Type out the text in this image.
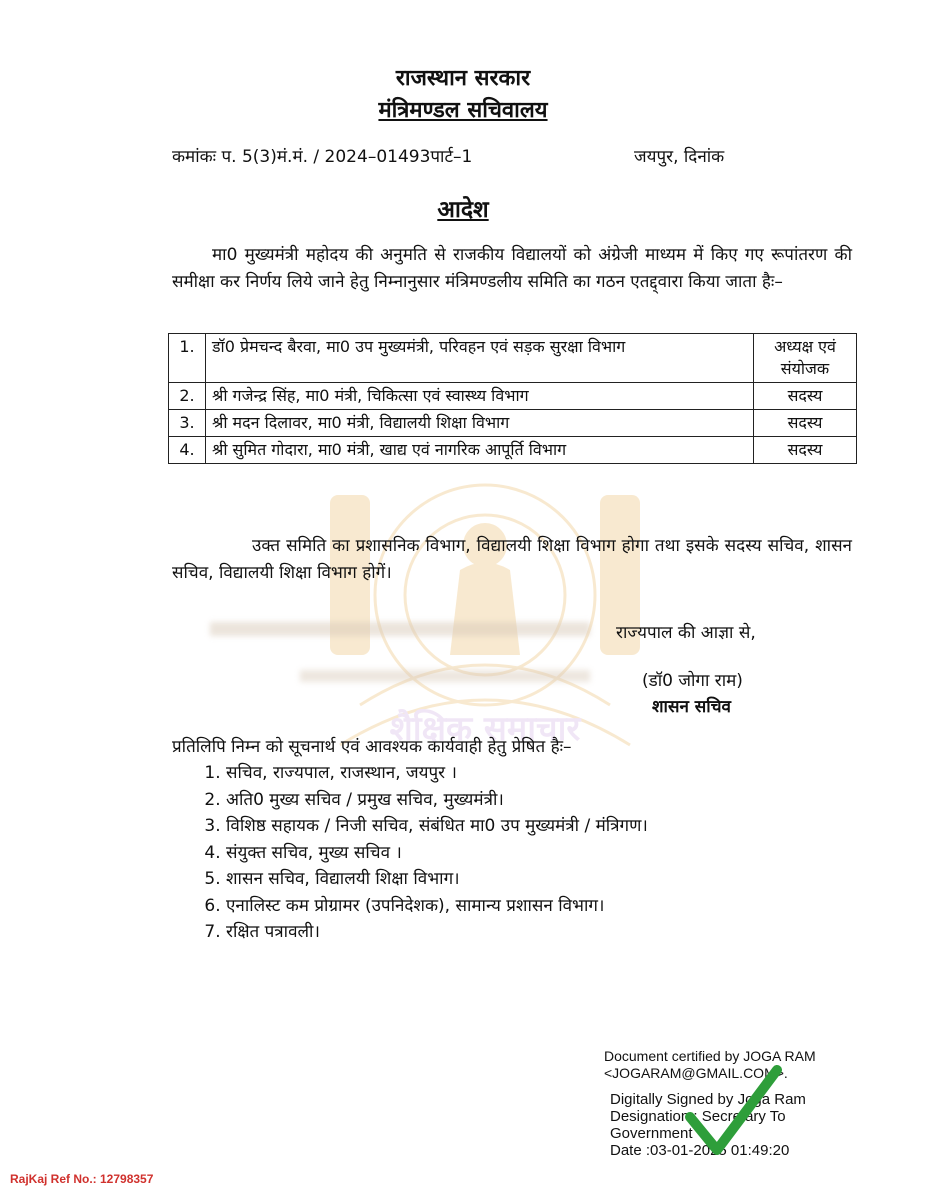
राजस्थान सरकार
मंत्रिमण्डल सचिवालय
कमांकः प. 5(3)मं.मं. / 2024–01493पार्ट–1	जयपुर, दिनांक
आदेश
मा0 मुख्यमंत्री महोदय की अनुमति से राजकीय विद्यालयों को अंग्रेजी माध्यम में किए गए रूपांतरण की समीक्षा कर निर्णय लिये जाने हेतु निम्नानुसार मंत्रिमण्डलीय समिति का गठन एतद्द्वारा किया जाता हैः–
1.	डॉ0 प्रेमचन्द बैरवा, मा0 उप मुख्यमंत्री, परिवहन एवं सड़क सुरक्षा विभाग	अध्यक्ष एवं संयोजक
2.	श्री गजेन्द्र सिंह, मा0 मंत्री, चिकित्सा एवं स्वास्थ्य विभाग	सदस्य
3.	श्री मदन दिलावर, मा0 मंत्री, विद्यालयी शिक्षा विभाग	सदस्य
4.	श्री सुमित गोदारा, मा0 मंत्री, खाद्य एवं नागरिक आपूर्ति विभाग	सदस्य
शैक्षिक समाचार
उक्त समिति का प्रशासनिक विभाग, विद्यालयी शिक्षा विभाग होगा तथा इसके सदस्य सचिव, शासन सचिव, विद्यालयी शिक्षा विभाग होगें।
राज्यपाल की आज्ञा से,
(डॉ0 जोगा राम)
शासन सचिव
प्रतिलिपि निम्न को सूचनार्थ एवं आवश्यक कार्यवाही हेतु प्रेषित हैः–
1. सचिव, राज्यपाल, राजस्थान, जयपुर ।
2. अति0 मुख्य सचिव / प्रमुख सचिव, मुख्यमंत्री।
3. विशिष्ठ सहायक / निजी सचिव, संबंधित मा0 उप मुख्यमंत्री / मंत्रिगण।
4. संयुक्त सचिव, मुख्य सचिव ।
5. शासन सचिव, विद्यालयी शिक्षा विभाग।
6. एनालिस्ट कम प्रोग्रामर (उपनिदेशक), सामान्य प्रशासन विभाग।
7. रक्षित पत्रावली।
Document certified by JOGA RAM
<JOGARAM@GMAIL.COM>.
Digitally Signed by Joga Ram
Designation : Secretary To
Government
Date :03-01-2025 01:49:20
RajKaj Ref No.: 12798357
